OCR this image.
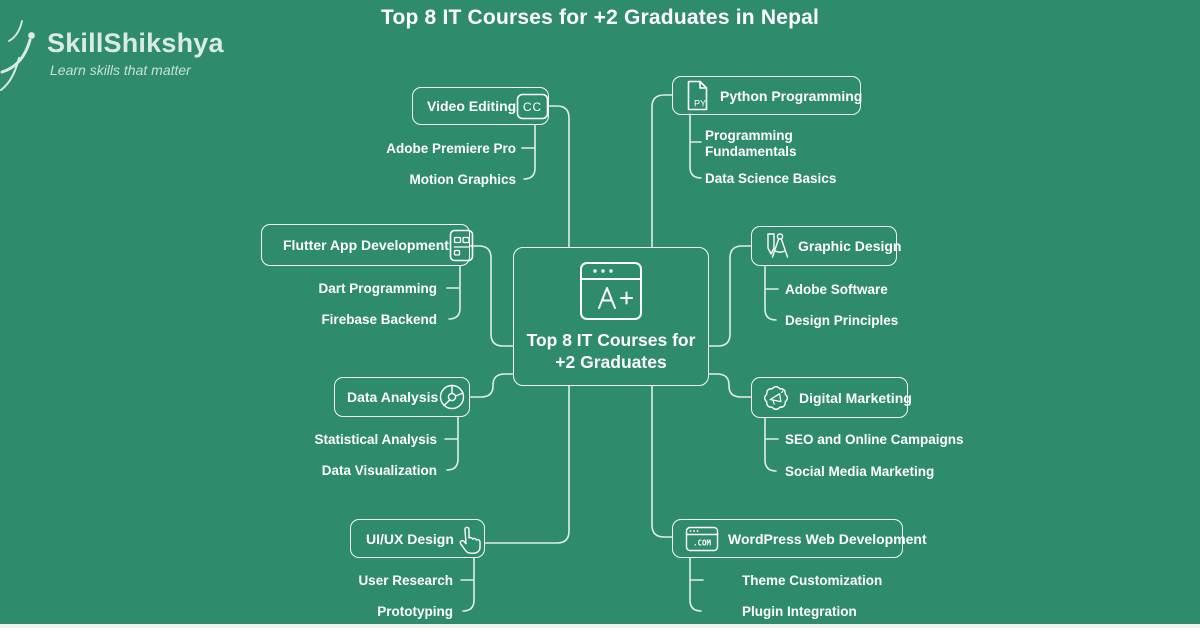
Top 8 IT Courses for +2 Graduates in Nepal
SkillShikshya
Learn skills that matter
Top 8 IT Courses for
+2 Graduates
Video Editing CC	PY Python Programming
Flutter App Development	Graphic Design
Data Analysis	Digital Marketing
UI/UX Design	.COM WordPress Web Development
Adobe Premiere Pro
Motion Graphics
Dart Programming
Firebase Backend
Statistical Analysis
Data Visualization
User Research
Prototyping
Programming Fundamentals
Data Science Basics
Adobe Software
Design Principles
SEO and Online Campaigns
Social Media Marketing
Theme Customization
Plugin Integration
